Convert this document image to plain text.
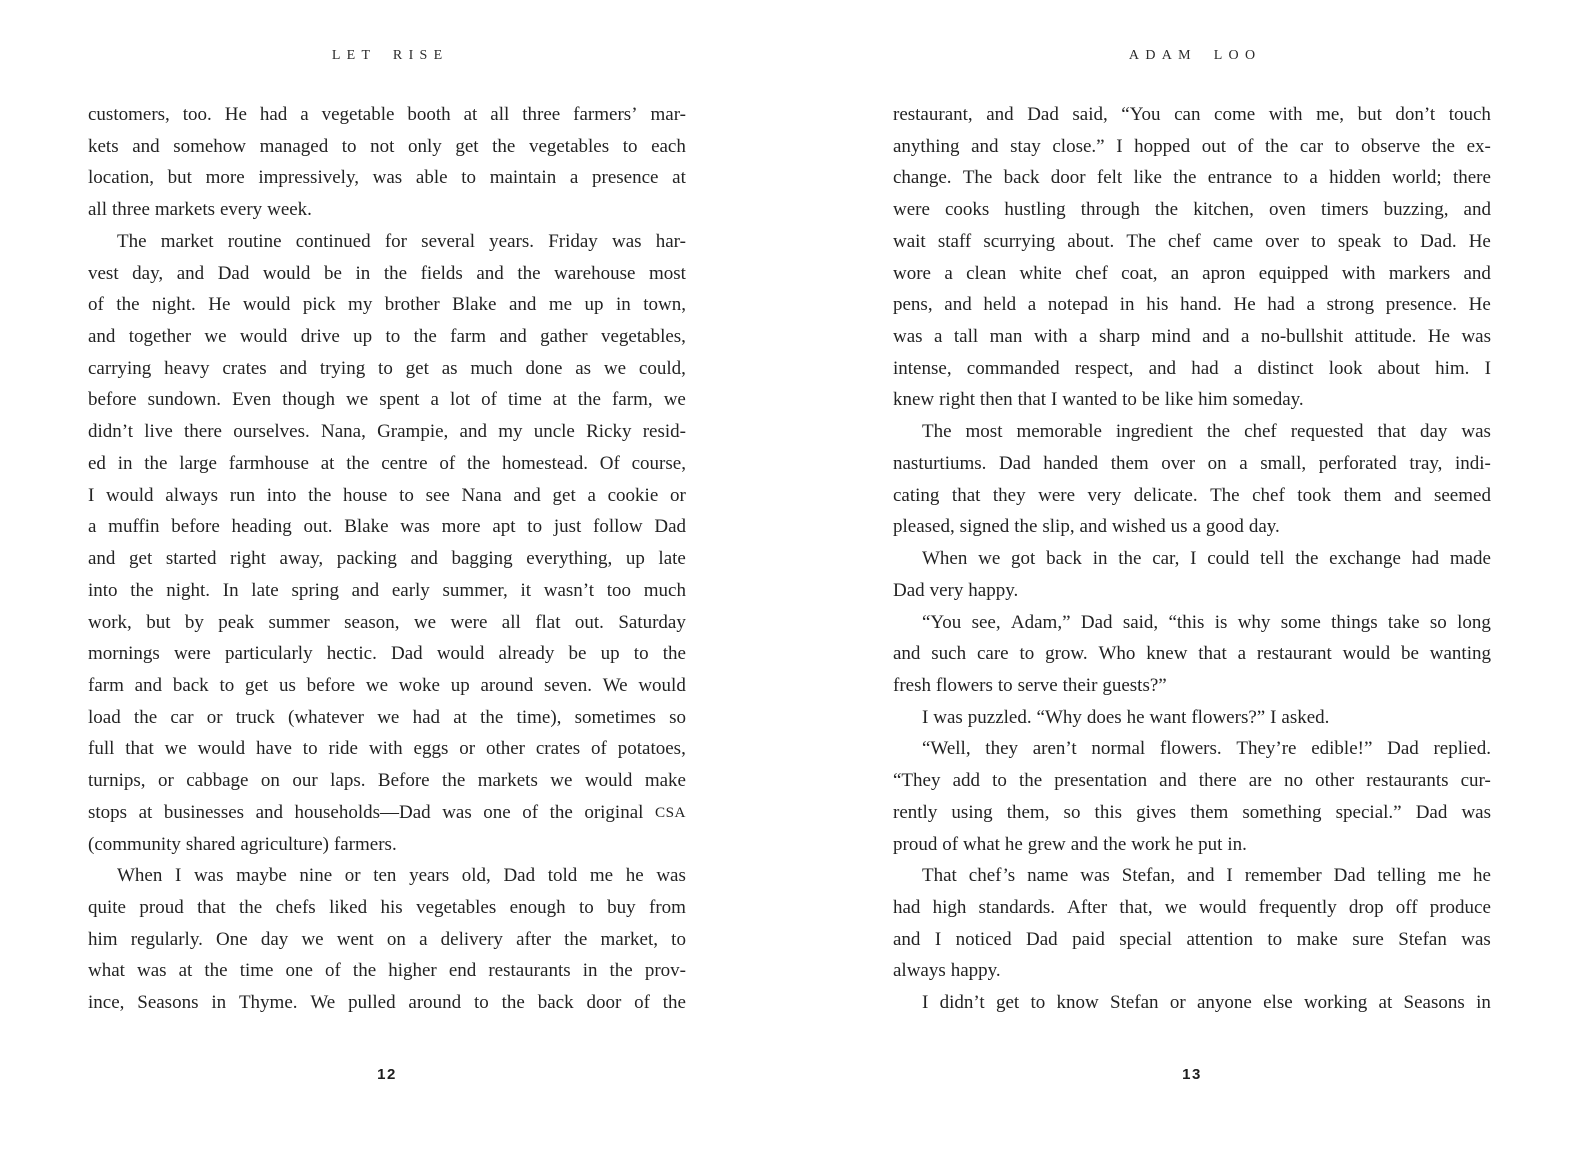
LET RISE
customers, too. He had a vegetable booth at all three farmers’ mar-
kets and somehow managed to not only get the vegetables to each
location, but more impressively, was able to maintain a presence at
all three markets every week.
The market routine continued for several years. Friday was har-
vest day, and Dad would be in the fields and the warehouse most
of the night. He would pick my brother Blake and me up in town,
and together we would drive up to the farm and gather vegetables,
carrying heavy crates and trying to get as much done as we could,
before sundown. Even though we spent a lot of time at the farm, we
didn’t live there ourselves. Nana, Grampie, and my uncle Ricky resid-
ed in the large farmhouse at the centre of the homestead. Of course,
I would always run into the house to see Nana and get a cookie or
a muffin before heading out. Blake was more apt to just follow Dad
and get started right away, packing and bagging everything, up late
into the night. In late spring and early summer, it wasn’t too much
work, but by peak summer season, we were all flat out. Saturday
mornings were particularly hectic. Dad would already be up to the
farm and back to get us before we woke up around seven. We would
load the car or truck (whatever we had at the time), sometimes so
full that we would have to ride with eggs or other crates of potatoes,
turnips, or cabbage on our laps. Before the markets we would make
stops at businesses and households—Dad was one of the original CSA
(community shared agriculture) farmers.
When I was maybe nine or ten years old, Dad told me he was
quite proud that the chefs liked his vegetables enough to buy from
him regularly. One day we went on a delivery after the market, to
what was at the time one of the higher end restaurants in the prov-
ince, Seasons in Thyme. We pulled around to the back door of the
12
ADAM LOO
restaurant, and Dad said, “You can come with me, but don’t touch
anything and stay close.” I hopped out of the car to observe the ex-
change. The back door felt like the entrance to a hidden world; there
were cooks hustling through the kitchen, oven timers buzzing, and
wait staff scurrying about. The chef came over to speak to Dad. He
wore a clean white chef coat, an apron equipped with markers and
pens, and held a notepad in his hand. He had a strong presence. He
was a tall man with a sharp mind and a no-bullshit attitude. He was
intense, commanded respect, and had a distinct look about him. I
knew right then that I wanted to be like him someday.
The most memorable ingredient the chef requested that day was
nasturtiums. Dad handed them over on a small, perforated tray, indi-
cating that they were very delicate. The chef took them and seemed
pleased, signed the slip, and wished us a good day.
When we got back in the car, I could tell the exchange had made
Dad very happy.
“You see, Adam,” Dad said, “this is why some things take so long
and such care to grow. Who knew that a restaurant would be wanting
fresh flowers to serve their guests?”
I was puzzled. “Why does he want flowers?” I asked.
“Well, they aren’t normal flowers. They’re edible!” Dad replied.
“They add to the presentation and there are no other restaurants cur-
rently using them, so this gives them something special.” Dad was
proud of what he grew and the work he put in.
That chef’s name was Stefan, and I remember Dad telling me he
had high standards. After that, we would frequently drop off produce
and I noticed Dad paid special attention to make sure Stefan was
always happy.
I didn’t get to know Stefan or anyone else working at Seasons in
13
